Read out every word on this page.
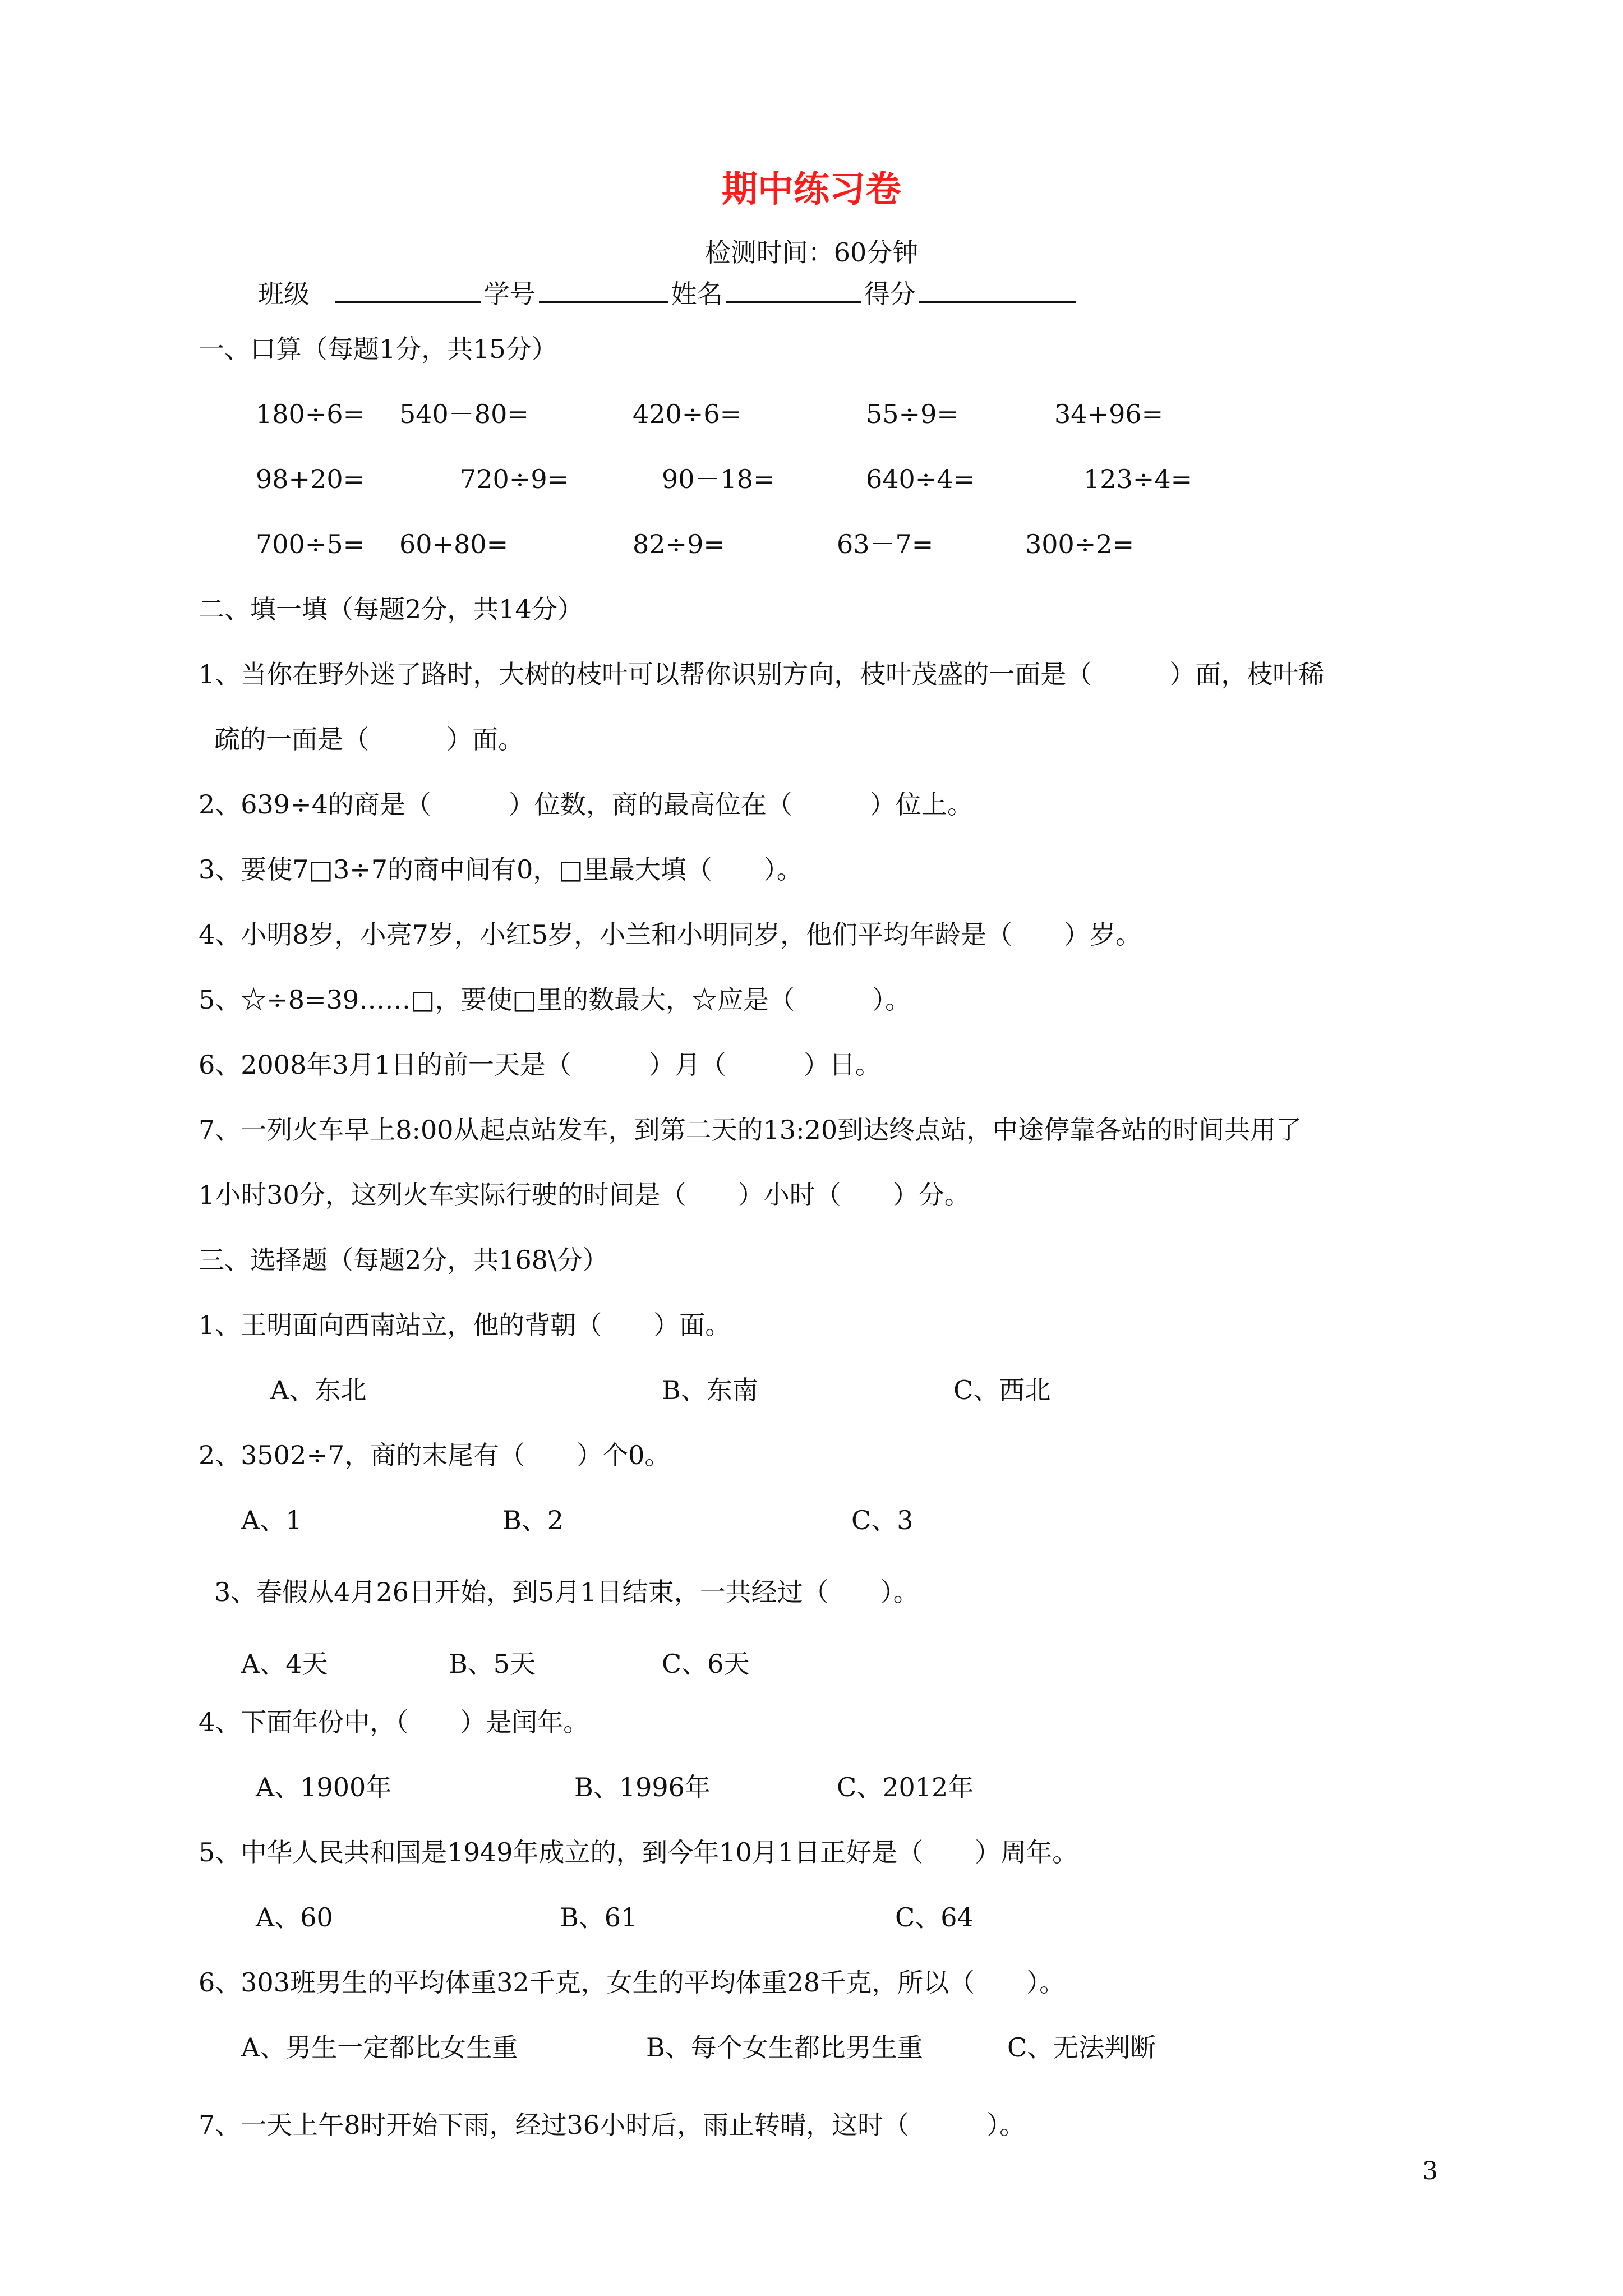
期中练习卷
检测时间：60分钟
班级	学号	姓名	得分
一、口算（每题1分，共15分）
180÷6= 540－80=	420÷6=	55÷9=	34+96=
98+20=	720÷9=	90－18=	640÷4=	123÷4=
700÷5= 60+80=	82÷9=	63－7=	300÷2=
二、填一填（每题2分，共14分）
1、当你在野外迷了路时，大树的枝叶可以帮你识别方向，枝叶茂盛的一面是（　　　）面，枝叶稀
疏的一面是（　　　）面。
2、639÷4的商是（　　　）位数，商的最高位在（　　　）位上。
3、要使7□3÷7的商中间有0，□里最大填（　　）。
4、小明8岁，小亮7岁，小红5岁，小兰和小明同岁，他们平均年龄是（　　）岁。
5、☆÷8=39……□，要使□里的数最大，☆应是（　　　）。
6、2008年3月1日的前一天是（　　　）月（　　　）日。
7、一列火车早上8:00从起点站发车，到第二天的13:20到达终点站，中途停靠各站的时间共用了
1小时30分，这列火车实际行驶的时间是（　　）小时（　　）分。
三、选择题（每题2分，共168\分）
1、王明面向西南站立，他的背朝（　　）面。
A、东北	B、东南	C、西北
2、3502÷7，商的末尾有（　　）个0。
A、1	B、2	C、3
3、春假从4月26日开始，到5月1日结束，一共经过（　　）。
A、4天	B、5天	C、6天
4、下面年份中，（　　）是闰年。
A、1900年	B、1996年	C、2012年
5、中华人民共和国是1949年成立的，到今年10月1日正好是（　　）周年。
A、60	B、61	C、64
6、303班男生的平均体重32千克，女生的平均体重28千克，所以（　　）。
A、男生一定都比女生重	B、每个女生都比男生重	C、无法判断
7、一天上午8时开始下雨，经过36小时后，雨止转晴，这时（　　　）。
3
